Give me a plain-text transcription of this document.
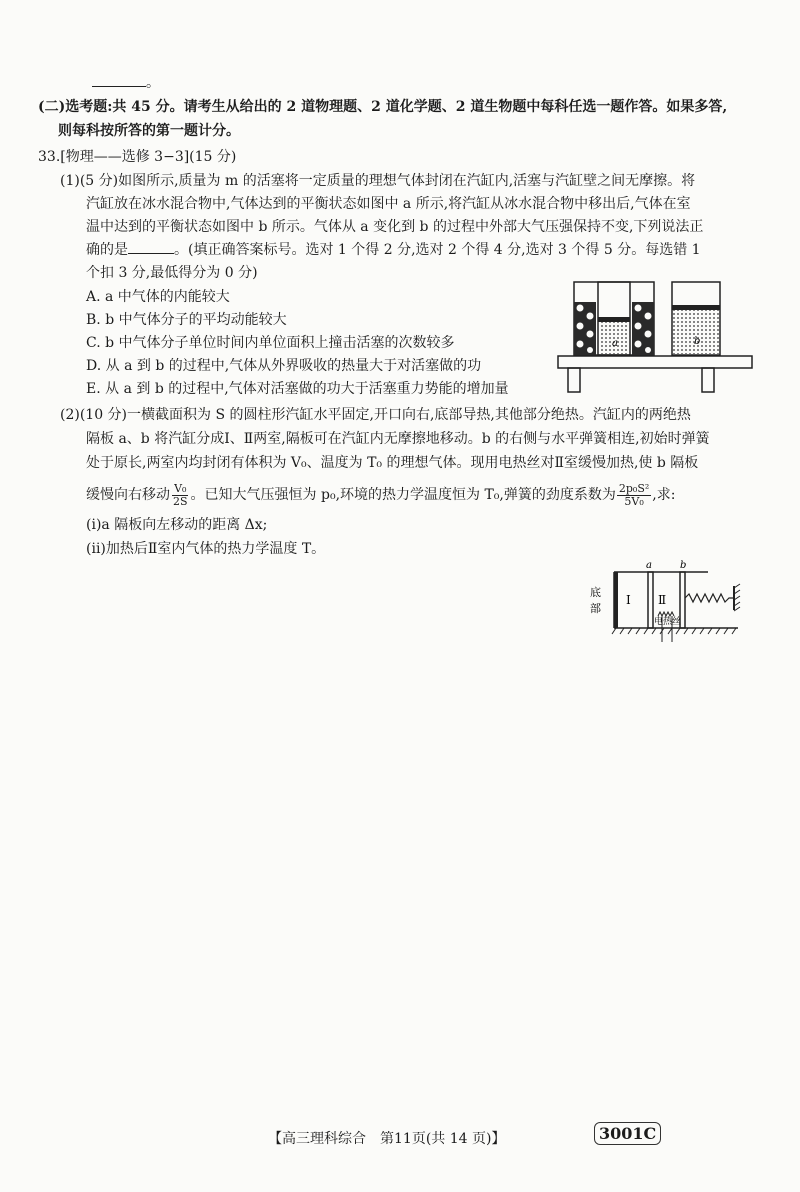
。
(二)选考题:共 45 分。请考生从给出的 2 道物理题、2 道化学题、2 道生物题中每科任选一题作答。如果多答,
则每科按所答的第一题计分。
33.[物理——选修 3−3](15 分)
(1)(5 分)如图所示,质量为 m 的活塞将一定质量的理想气体封闭在汽缸内,活塞与汽缸壁之间无摩擦。将
汽缸放在冰水混合物中,气体达到的平衡状态如图中 a 所示,将汽缸从冰水混合物中移出后,气体在室
温中达到的平衡状态如图中 b 所示。气体从 a 变化到 b 的过程中外部大气压强保持不变,下列说法正
确的是	。(填正确答案标号。选对 1 个得 2 分,选对 2 个得 4 分,选对 3 个得 5 分。每选错 1
个扣 3 分,最低得分为 0 分)
A. a 中气体的内能较大
B. b 中气体分子的平均动能较大
C. b 中气体分子单位时间内单位面积上撞击活塞的次数较多
D. 从 a 到 b 的过程中,气体从外界吸收的热量大于对活塞做的功
E. 从 a 到 b 的过程中,气体对活塞做的功大于活塞重力势能的增加量
a	b
(2)(10 分)一横截面积为 S 的圆柱形汽缸水平固定,开口向右,底部导热,其他部分绝热。汽缸内的两绝热
隔板 a、b 将汽缸分成Ⅰ、Ⅱ两室,隔板可在汽缸内无摩擦地移动。b 的右侧与水平弹簧相连,初始时弹簧
处于原长,两室内均封闭有体积为 V₀、温度为 T₀ 的理想气体。现用电热丝对Ⅱ室缓慢加热,使 b 隔板
缓慢向右移动 $\frac{\text{V₀}}{2S}$ 。已知大气压强恒为 p₀,环境的热力学温度恒为 T₀,弹簧的劲度系数为 $\frac{\text{2p₀S²}}{\text{5V₀}}$ ,求:
(ⅰ)a 隔板向左移动的距离 Δx;
(ⅱ)加热后Ⅱ室内气体的热力学温度 T。
底
部
Ⅰ Ⅱ
电热丝
a	b
【高三理科综合　第11页(共 14 页)】	3001C
